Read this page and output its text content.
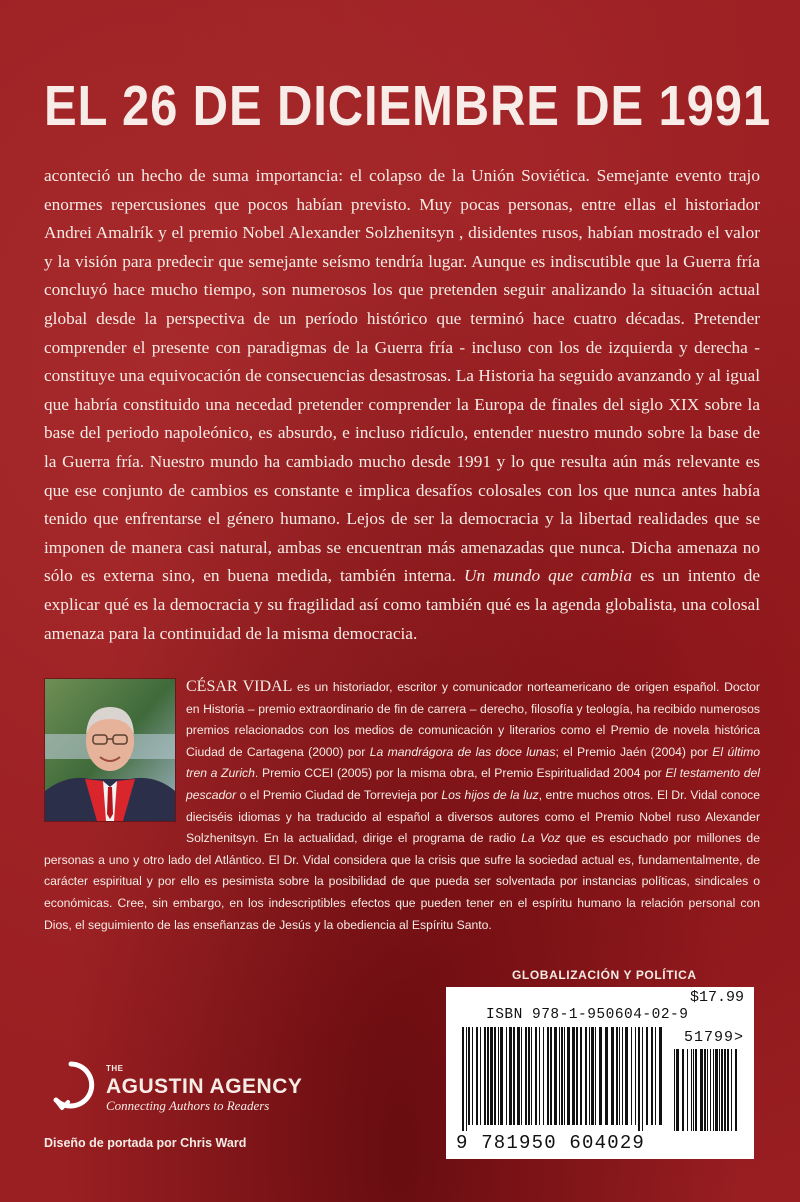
EL 26 DE DICIEMBRE DE 1991
aconteció un hecho de suma importancia: el colapso de la Unión Soviética. Semejante evento trajo enormes repercusiones que pocos habían previsto. Muy pocas personas, entre ellas el historiador Andrei Amalrík y el premio Nobel Alexander Solzhenitsyn , disidentes rusos, habían mostrado el valor y la visión para predecir que semejante seísmo tendría lugar. Aunque es indiscutible que la Guerra fría concluyó hace mucho tiempo, son numerosos los que pretenden seguir analizando la situación actual global desde la perspectiva de un período histórico que terminó hace cuatro décadas. Pretender comprender el presente con paradigmas de la Guerra fría - incluso con los de izquierda y derecha - constituye una equivocación de consecuencias desastrosas. La Historia ha seguido avanzando y al igual que habría constituido una necedad pretender comprender la Europa de finales del siglo XIX sobre la base del periodo napoleónico, es absurdo, e incluso ridículo, entender nuestro mundo sobre la base de la Guerra fría. Nuestro mundo ha cambiado mucho desde 1991 y lo que resulta aún más relevante es que ese conjunto de cambios es constante e implica desafíos colosales con los que nunca antes había tenido que enfrentarse el género humano. Lejos de ser la democracia y la libertad realidades que se imponen de manera casi natural, ambas se encuentran más amenazadas que nunca. Dicha amenaza no sólo es externa sino, en buena medida, también interna. Un mundo que cambia es un intento de explicar qué es la democracia y su fragilidad así como también qué es la agenda globalista, una colosal amenaza para la continuidad de la misma democracia.
CÉSAR VIDAL es un historiador, escritor y comunicador norteamericano de origen español. Doctor en Historia – premio extraordinario de fin de carrera – derecho, filosofía y teología, ha recibido numerosos premios relacionados con los medios de comunicación y literarios como el Premio de novela histórica Ciudad de Cartagena (2000) por La mandrágora de las doce lunas; el Premio Jaén (2004) por El último tren a Zurich. Premio CCEI (2005) por la misma obra, el Premio Espiritualidad 2004 por El testamento del pescador o el Premio Ciudad de Torrevieja por Los hijos de la luz, entre muchos otros. El Dr. Vidal conoce dieciséis idiomas y ha traducido al español a diversos autores como el Premio Nobel ruso Alexander Solzhenitsyn. En la actualidad, dirige el programa de radio La Voz que es escuchado por millones de personas a uno y otro lado del Atlántico. El Dr. Vidal considera que la crisis que sufre la sociedad actual es, fundamentalmente, de carácter espiritual y por ello es pesimista sobre la posibilidad de que pueda ser solventada por instancias políticas, sindicales o económicas. Cree, sin embargo, en los indescriptibles efectos que pueden tener en el espíritu humano la relación personal con Dios, el seguimiento de las enseñanzas de Jesús y la obediencia al Espíritu Santo.
GLOBALIZACIÓN Y POLÍTICA
$17.99
ISBN 978-1-950604-02-9
51799>
9 781950 604029
THE
AGUSTIN AGENCY
Connecting Authors to Readers
Diseño de portada por Chris Ward
